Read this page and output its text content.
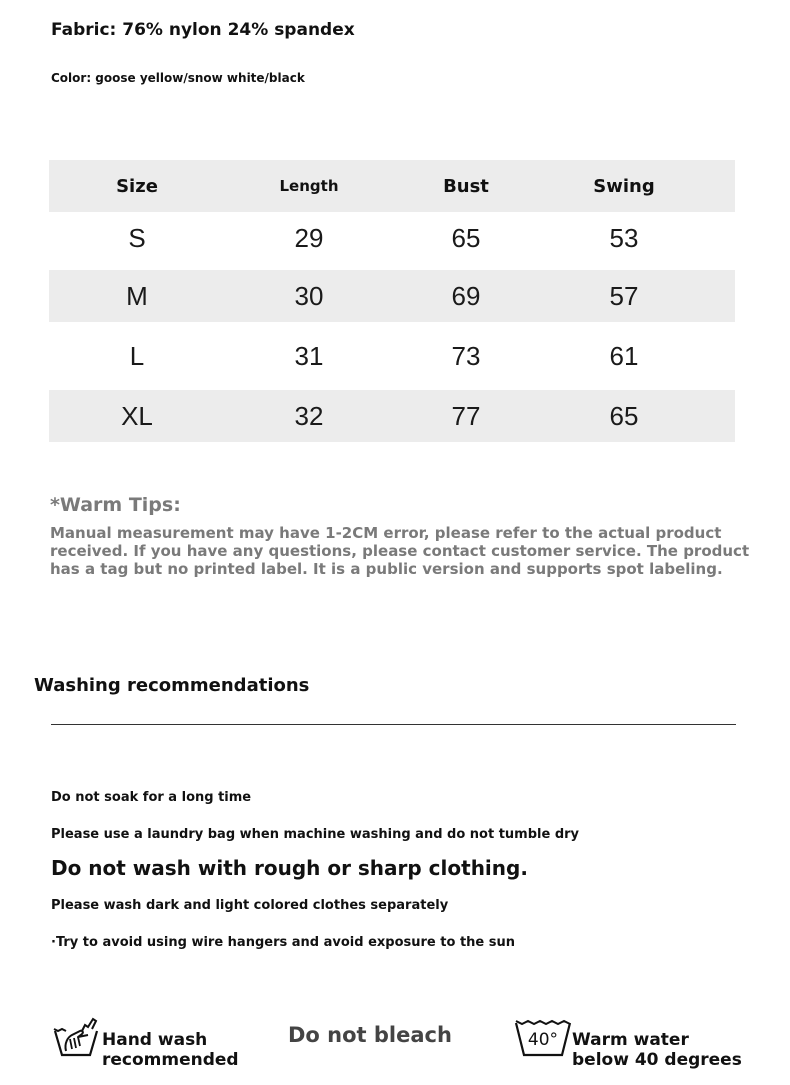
Fabric: 76% nylon 24% spandex
Color: goose yellow/snow white/black
Size	Length	Bust	Swing
S	29	65	53
M	30	69	57
L	31	73	61
XL	32	77	65
*Warm Tips:
Manual measurement may have 1-2CM error, please refer to the actual product
received. If you have any questions, please contact customer service. The product
has a tag but no printed label. It is a public version and supports spot labeling.
Washing recommendations
Do not soak for a long time
Please use a laundry bag when machine washing and do not tumble dry
Do not wash with rough or sharp clothing.
Please wash dark and light colored clothes separately
·Try to avoid using wire hangers and avoid exposure to the sun
Hand wash
recommended
Do not bleach	40° Warm water
below 40 degrees
